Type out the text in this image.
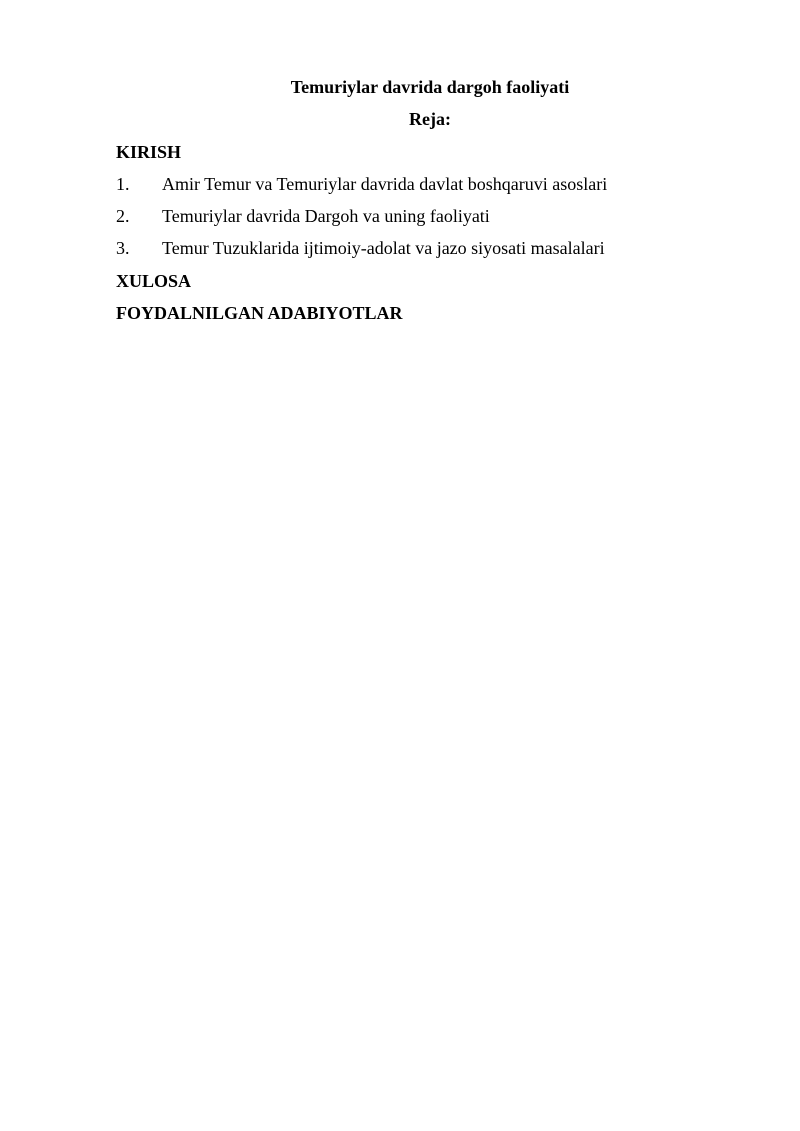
Temuriylar davrida dargoh faoliyati
Reja:
KIRISH
1.	Amir Temur va Temuriylar davrida davlat boshqaruvi asoslari
2.	Temuriylar davrida Dargoh va uning faoliyati
3.	Temur Tuzuklarida ijtimoiy-adolat va jazo siyosati masalalari
XULOSA
FOYDALNILGAN ADABIYOTLAR
